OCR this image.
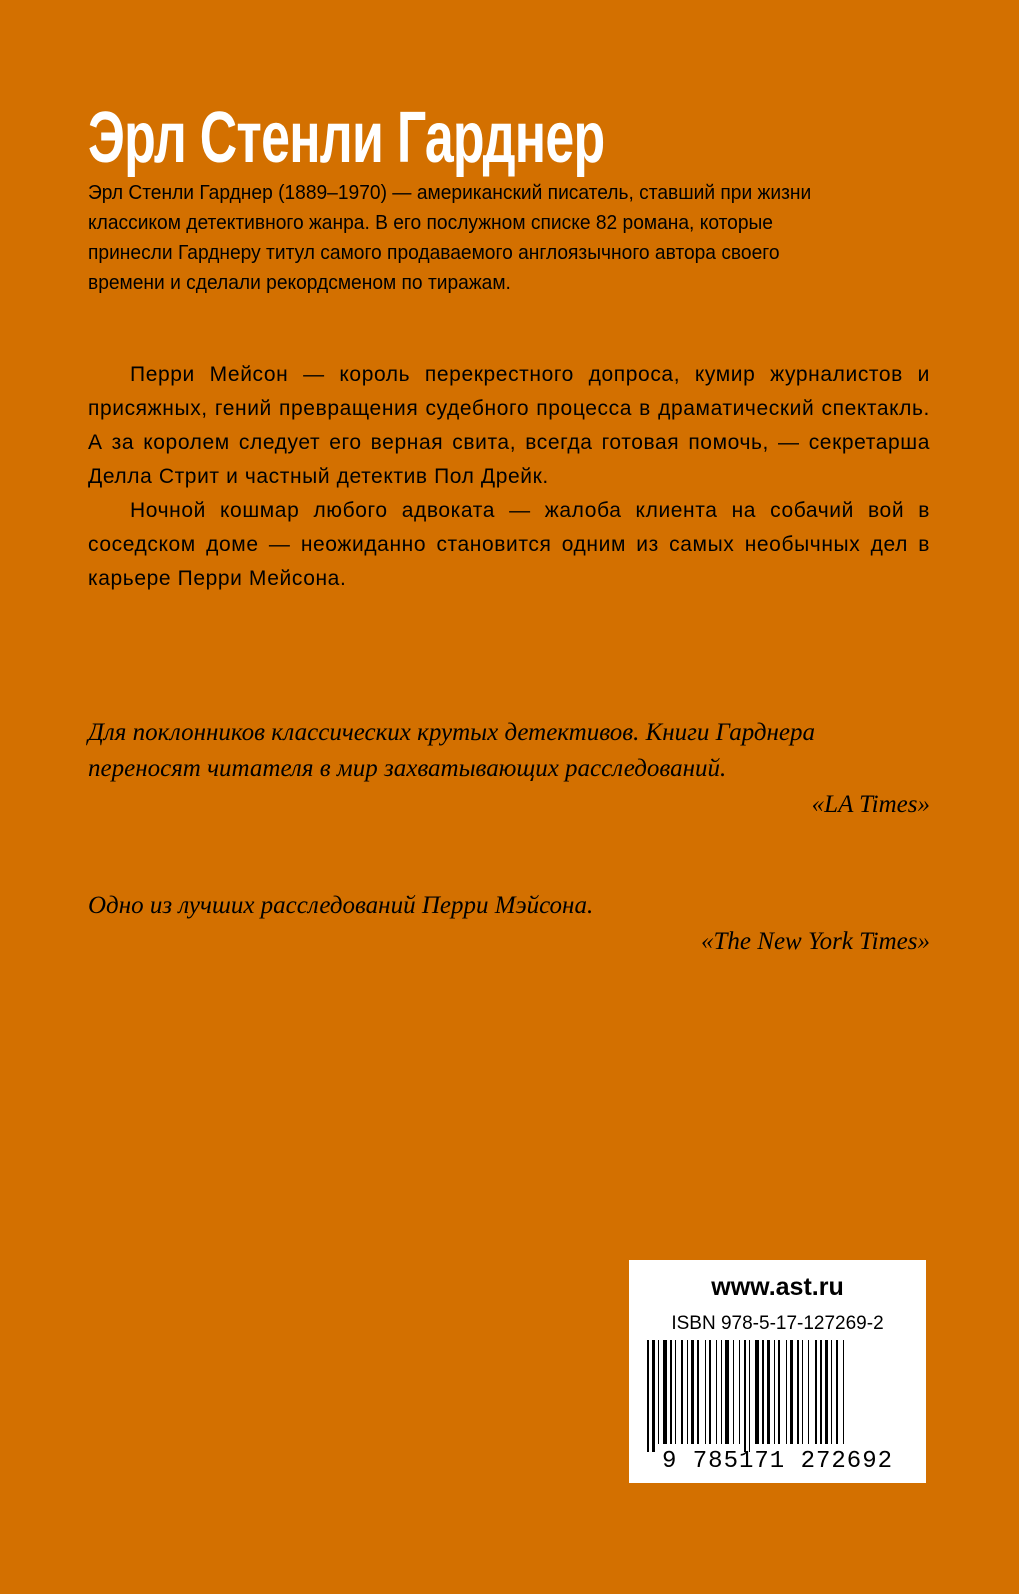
Эрл Стенли Гарднер

Эрл Стенли Гарднер (1889–1970) — американский писатель, ставший при жизни классиком детективного жанра. В его послужном списке 82 романа, которые принесли Гарднеру титул самого продаваемого англоязычного автора своего времени и сделали рекордсменом по тиражам.

Перри Мейсон — король перекрестного допроса, кумир журналистов и присяжных, гений превращения судебного процесса в драматический спектакль. А за королем следует его верная свита, всегда готовая помочь, — секретарша Делла Стрит и частный детектив Пол Дрейк.

Ночной кошмар любого адвоката — жалоба клиента на собачий вой в соседском доме — неожиданно становится одним из самых необычных дел в карьере Перри Мейсона.

Для поклонников классических крутых детективов. Книги Гарднера переносят читателя в мир захватывающих расследований.

«LA Times»

Одно из лучших расследований Перри Мэйсона.

«The New York Times»

www.ast.ru
ISBN 978-5-17-127269-2
9 785171 272692
